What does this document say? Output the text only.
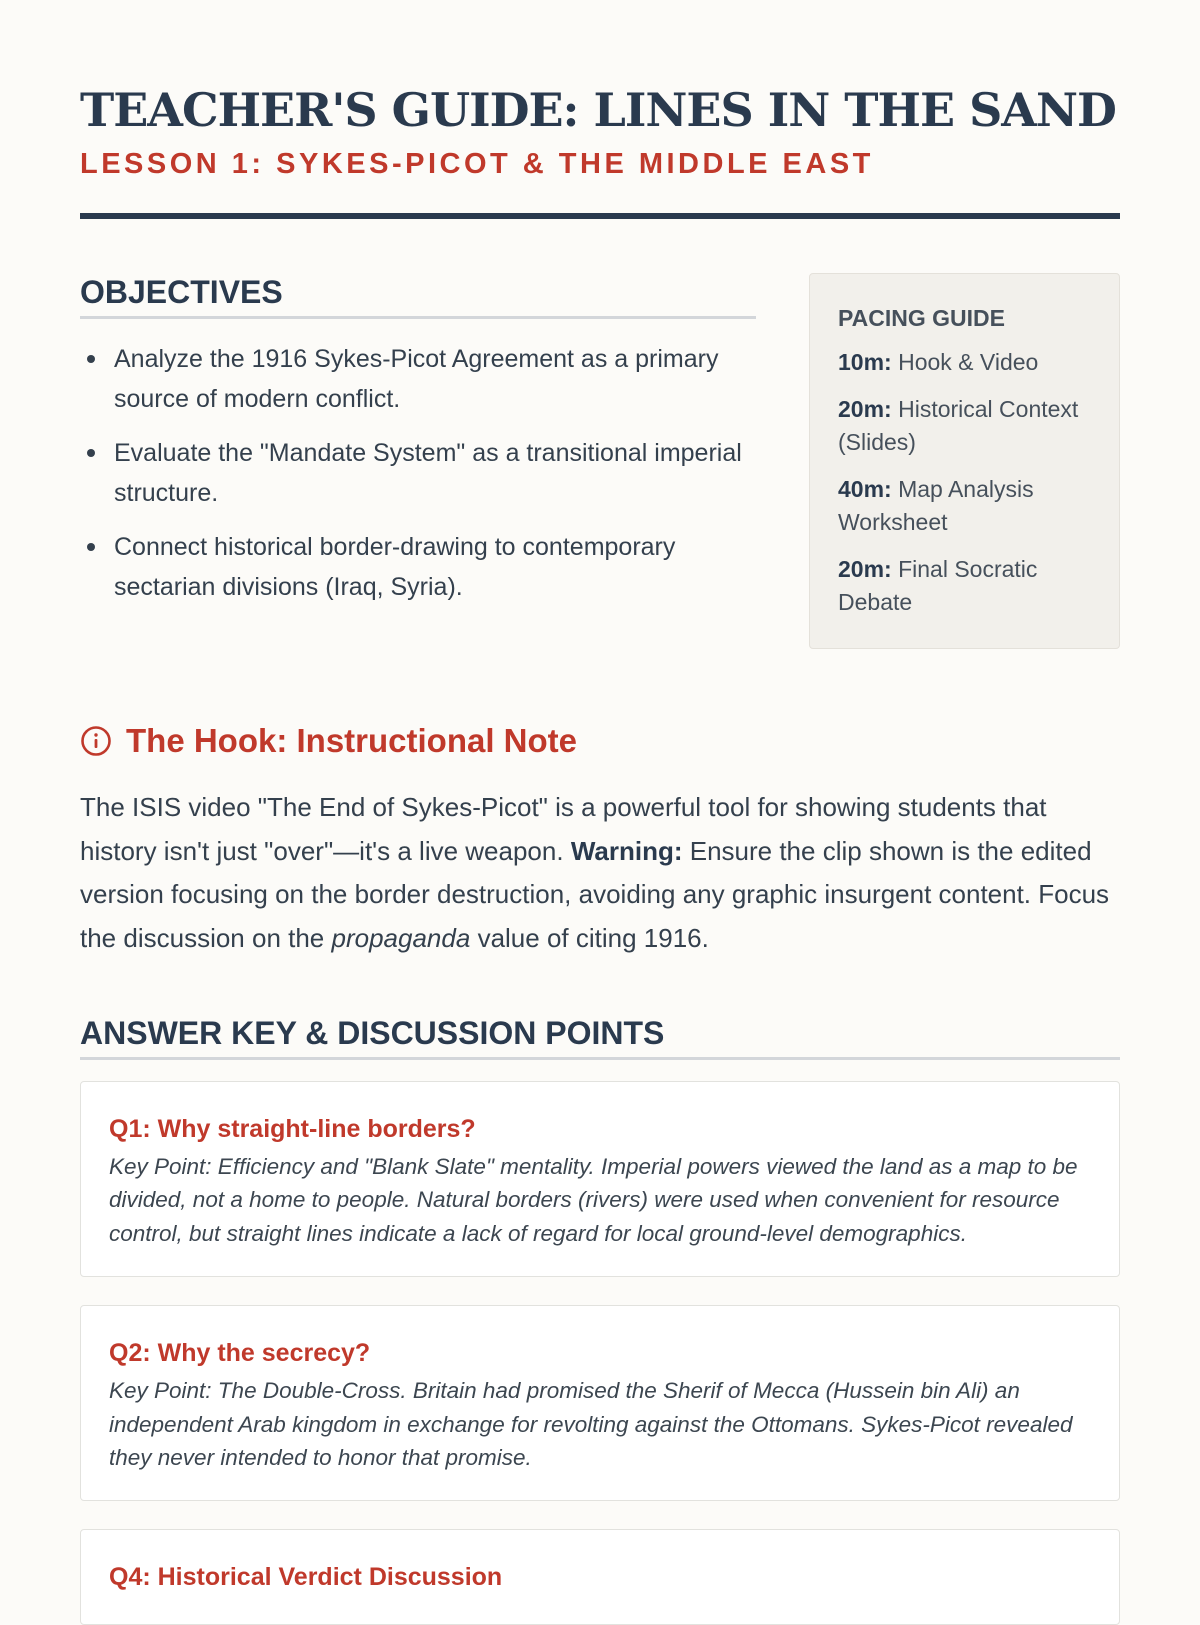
TEACHER'S GUIDE: LINES IN THE SAND
LESSON 1: SYKES-PICOT & THE MIDDLE EAST
OBJECTIVES
Analyze the 1916 Sykes-Picot Agreement as a primary source of modern conflict.
Evaluate the "Mandate System" as a transitional imperial structure.
Connect historical border-drawing to contemporary sectarian divisions (Iraq, Syria).
PACING GUIDE
10m: Hook & Video
20m: Historical Context (Slides)
40m: Map Analysis Worksheet
20m: Final Socratic Debate
The Hook: Instructional Note

The ISIS video "The End of Sykes-Picot" is a powerful tool for showing students that history isn't just "over"—it's a live weapon. Warning: Ensure the clip shown is the edited version focusing on the border destruction, avoiding any graphic insurgent content. Focus the discussion on the propaganda value of citing 1916.

ANSWER KEY & DISCUSSION POINTS
Q1: Why straight-line borders?

Key Point: Efficiency and "Blank Slate" mentality. Imperial powers viewed the land as a map to be divided, not a home to people. Natural borders (rivers) were used when convenient for resource control, but straight lines indicate a lack of regard for local ground-level demographics.

Q2: Why the secrecy?

Key Point: The Double-Cross. Britain had promised the Sherif of Mecca (Hussein bin Ali) an independent Arab kingdom in exchange for revolting against the Ottomans. Sykes-Picot revealed they never intended to honor that promise.

Q4: Historical Verdict Discussion
